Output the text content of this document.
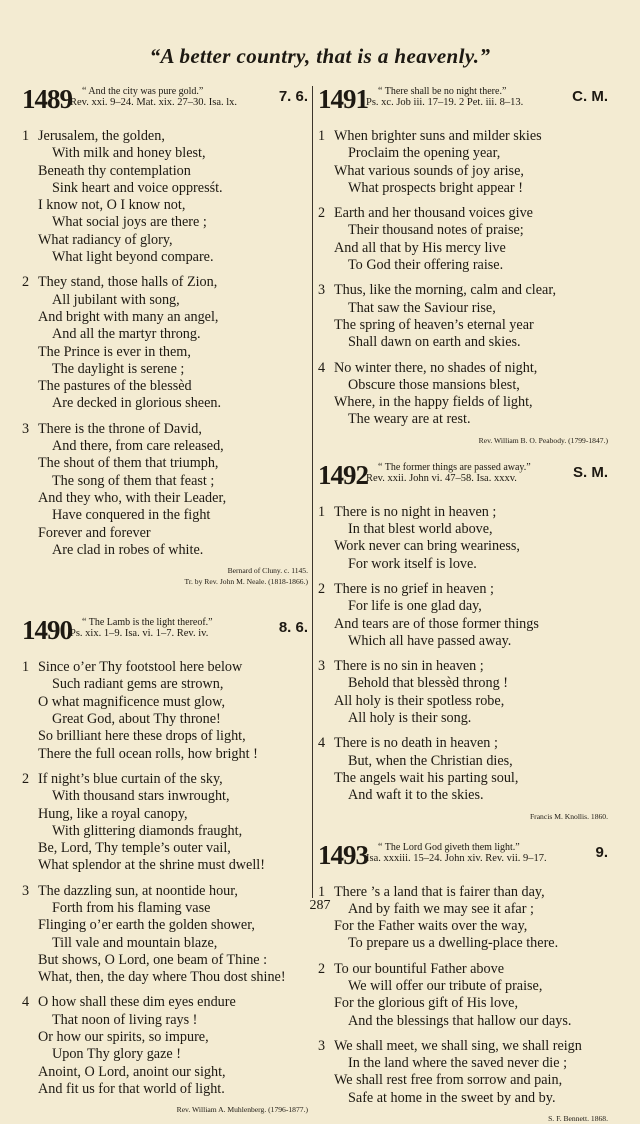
“A better country, that is a heavenly.”
1489	“ And the city was pure gold.”
Rev. xxi. 9–24. Mat. xix. 27–30. Isa. lx.	7. 6.
1 Jerusalem, the golden,
With milk and honey blest,
Beneath thy contemplation
Sink heart and voice oppresśt.
I know not, O I know not,
What social joys are there ;
What radiancy of glory,
What light beyond compare.
2 They stand, those halls of Zion,
All jubilant with song,
And bright with many an angel,
And all the martyr throng.
The Prince is ever in them,
The daylight is serene ;
The pastures of the blessèd
Are decked in glorious sheen.
3 There is the throne of David,
And there, from care released,
The shout of them that triumph,
The song of them that feast ;
And they who, with their Leader,
Have conquered in the fight
Forever and forever
Are clad in robes of white.
Bernard of Cluny. c. 1145.
Tr. by Rev. John M. Neale. (1818-1866.)
1490	“ The Lamb is the light thereof.”
Ps. xix. 1–9. Isa. vi. 1–7. Rev. iv.	8. 6.
1 Since o’er Thy footstool here below
Such radiant gems are strown,
O what magnificence must glow,
Great God, about Thy throne!
So brilliant here these drops of light,
There the full ocean rolls, how bright !
2 If night’s blue curtain of the sky,
With thousand stars inwrought,
Hung, like a royal canopy,
With glittering diamonds fraught,
Be, Lord, Thy temple’s outer vail,
What splendor at the shrine must dwell!
3 The dazzling sun, at noontide hour,
Forth from his flaming vase
Flinging o’er earth the golden shower,
Till vale and mountain blaze,
But shows, O Lord, one beam of Thine :
What, then, the day where Thou dost shine!
4 O how shall these dim eyes endure
That noon of living rays !
Or how our spirits, so impure,
Upon Thy glory gaze !
Anoint, O Lord, anoint our sight,
And fit us for that world of light.
Rev. William A. Muhlenberg. (1796-1877.)
1491	“ There shall be no night there.”
Ps. xc. Job iii. 17–19. 2 Pet. iii. 8–13.	C. M.
1 When brighter suns and milder skies
Proclaim the opening year,
What various sounds of joy arise,
What prospects bright appear !
2 Earth and her thousand voices give
Their thousand notes of praise;
And all that by His mercy live
To God their offering raise.
3 Thus, like the morning, calm and clear,
That saw the Saviour rise,
The spring of heaven’s eternal year
Shall dawn on earth and skies.
4 No winter there, no shades of night,
Obscure those mansions blest,
Where, in the happy fields of light,
The weary are at rest.
Rev. William B. O. Peabody. (1799-1847.)
1492	“ The former things are passed away.”
Rev. xxii. John vi. 47–58. Isa. xxxv.	S. M.
1 There is no night in heaven ;
In that blest world above,
Work never can bring weariness,
For work itself is love.
2 There is no grief in heaven ;
For life is one glad day,
And tears are of those former things
Which all have passed away.
3 There is no sin in heaven ;
Behold that blessèd throng !
All holy is their spotless robe,
All holy is their song.
4 There is no death in heaven ;
But, when the Christian dies,
The angels wait his parting soul,
And waft it to the skies.
Francis M. Knollis. 1860.
1493	“ The Lord God giveth them light.”
Isa. xxxiii. 15–24. John xiv. Rev. vii. 9–17.	9.
1 There ’s a land that is fairer than day,
And by faith we may see it afar ;
For the Father waits over the way,
To prepare us a dwelling-place there.
2 To our bountiful Father above
We will offer our tribute of praise,
For the glorious gift of His love,
And the blessings that hallow our days.
3 We shall meet, we shall sing, we shall reign
In the land where the saved never die ;
We shall rest free from sorrow and pain,
Safe at home in the sweet by and by.
S. F. Bennett. 1868.
287
